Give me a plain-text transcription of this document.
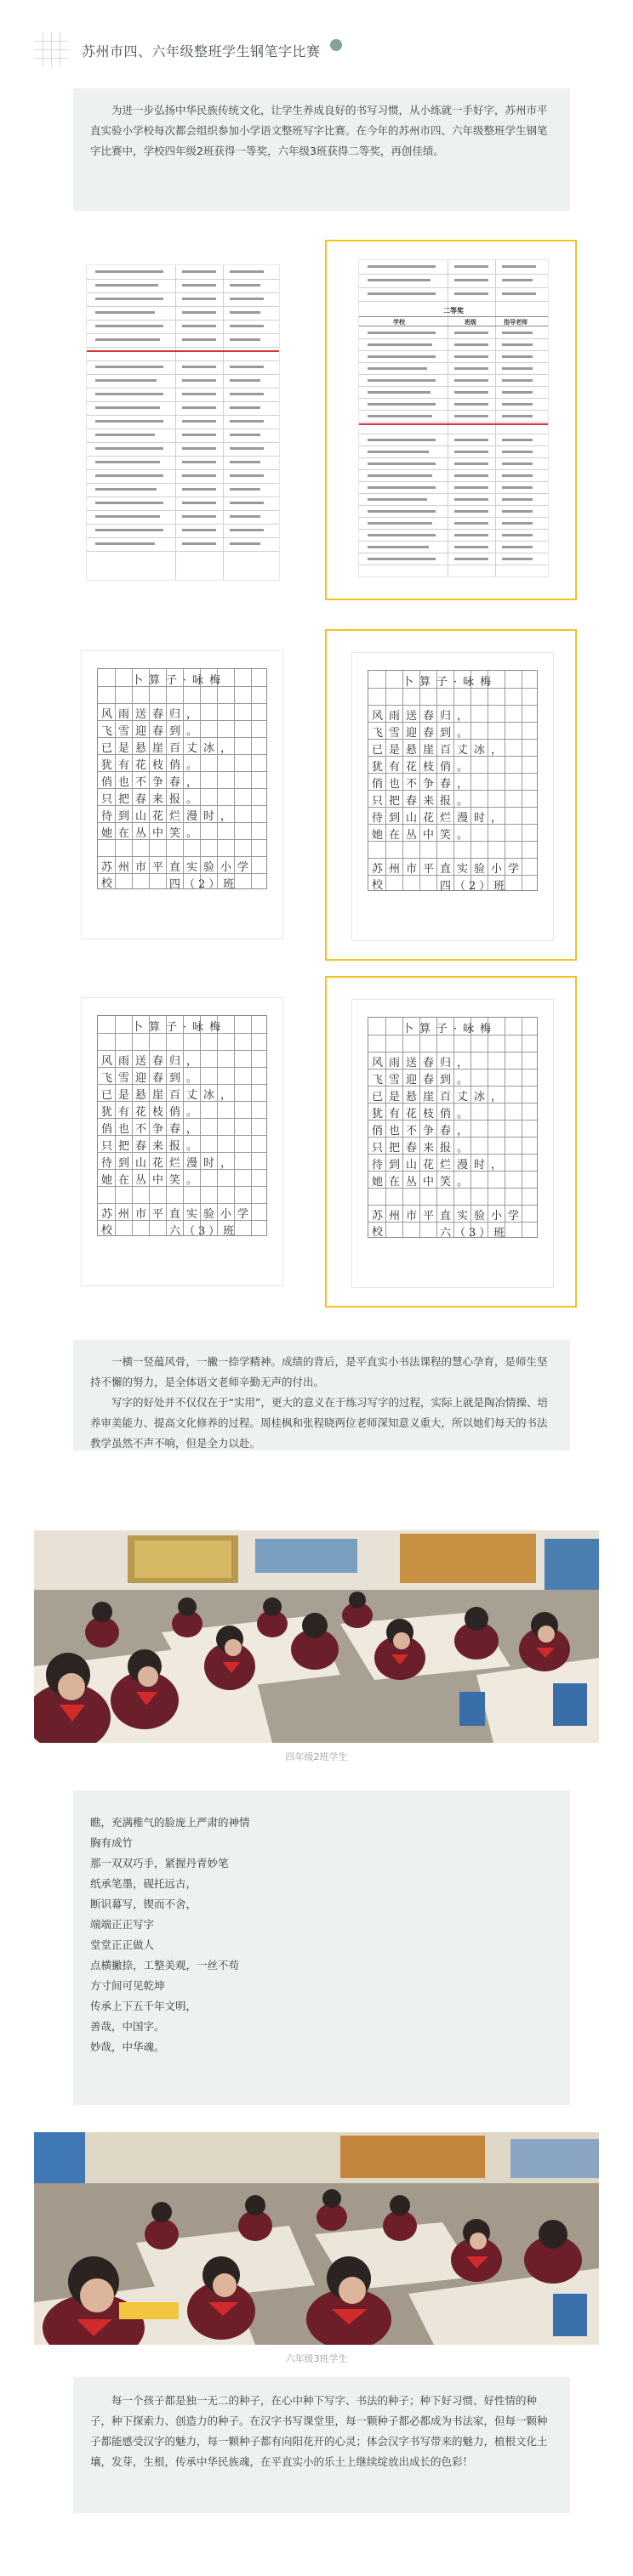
苏州市四、六年级整班学生钢笔字比赛

为进一步弘扬中华民族传统文化，让学生养成良好的书写习惯，从小练就一手好字，苏州市平直实验小学校每次都会组织参加小学语文整班写字比赛。在今年的苏州市四、六年级整班学生钢笔字比赛中，学校四年级2班获得一等奖，六年级3班获得二等奖，再创佳绩。

二等奖
学校	班级	指导老师
卜算子·咏梅
风雨送春归，
飞雪迎春到。
已是悬崖百丈冰，
犹有花枝俏。
俏也不争春，
只把春来报。
待到山花烂漫时，
她在丛中笑。
苏州市平直实验小学校	四（2）班
卜算子·咏梅
风雨送春归，
飞雪迎春到。
已是悬崖百丈冰，
犹有花枝俏。
俏也不争春，
只把春来报。
待到山花烂漫时，
她在丛中笑。
苏州市平直实验小学校	四（2）班
卜算子·咏梅
风雨送春归，
飞雪迎春到。
已是悬崖百丈冰，
犹有花枝俏。
俏也不争春，
只把春来报。
待到山花烂漫时，
她在丛中笑。
苏州市平直实验小学校	六（3）班
卜算子·咏梅
风雨送春归，
飞雪迎春到。
已是悬崖百丈冰，
犹有花枝俏。
俏也不争春，
只把春来报。
待到山花烂漫时，
她在丛中笑。
苏州市平直实验小学校	六（3）班

一横一竖蕴风骨，一撇一捺学精神。成绩的背后，是平直实小书法课程的慧心孕育，是师生坚持不懈的努力，是全体语文老师辛勤无声的付出。

写字的好处并不仅仅在于“实用”，更大的意义在于练习写字的过程，实际上就是陶冶情操、培养审美能力、提高文化修养的过程。周桂枫和张程晓两位老师深知意义重大，所以她们每天的书法教学虽然不声不响，但是全力以赴。

四年级2班学生
瞧，充满稚气的脸庞上严肃的神情
胸有成竹
那一双双巧手，紧握丹青妙笔
纸承笔墨，砚托远古，
断识幕写，锲而不舍，
端端正正写字
堂堂正正做人
点横撇捺，工整美观，一丝不苟
方寸间可见乾坤
传承上下五千年文明，
善哉，中国字。
妙哉，中华魂。
六年级3班学生

每一个孩子都是独一无二的种子，在心中种下写字、书法的种子；种下好习惯、好性情的种子，种下探索力、创造力的种子。在汉字书写课堂里，每一颗种子都必都成为书法家，但每一颗种子都能感受汉字的魅力，每一颗种子都有向阳花开的心灵；体会汉字书写带来的魅力，植根文化土壤，发芽，生根，传承中华民族魂，在平直实小的乐土上继续绽放出成长的色彩！
